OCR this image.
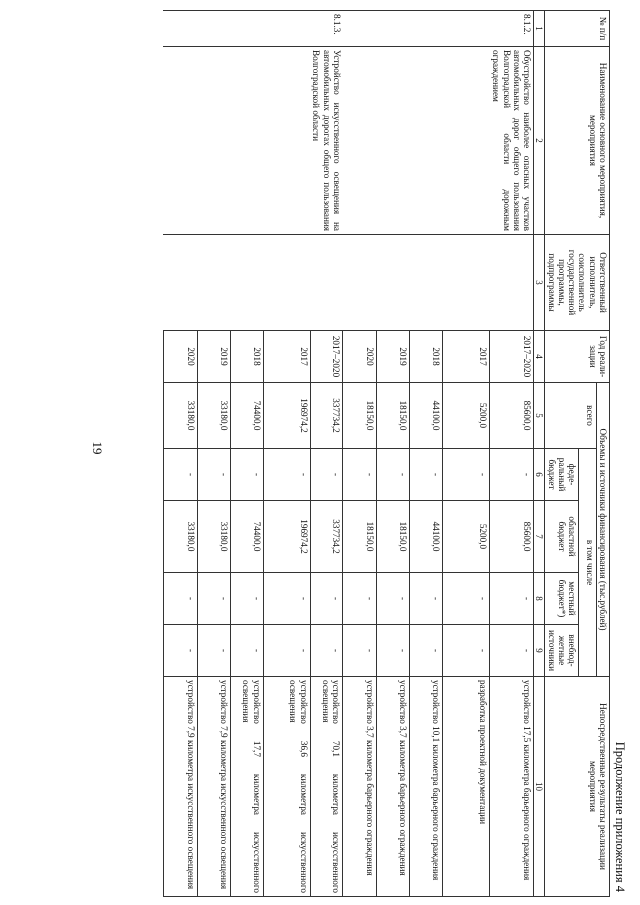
19
Продолжение приложения 4
№ п/п	Наименование основного мероприятия, мероприятия	Ответственный исполнитель, соисполнитель государственной программы, подпрограммы	Год реали- зации	Объемы и источники финансирования (тыс.рублей)					Непосредственные результаты реализации мероприятия
				всего	в том числе				
					феде- ральный бюджет	областной бюджет	местный бюджет*)	внебюд- жетные источники	
1	2	3	4	5	6	7	8	9	10
8.1.2.	Обустройство наиболее опасных участков автомобильных дорог общего пользования Волгоградской области дорожным ограждением		2017–2020	85600,0	-	85600,0	-	-	устройство 17,5 километра барьерного ограждения
			2017	5200,0	-	5200,0	-	-	разработка проектной документации
			2018	44100,0	-	44100,0	-	-	устройство 10,1 километра барьерного ограждения
			2019	18150,0	-	18150,0	-	-	устройство 3,7 километра барьерного ограждения
			2020	18150,0	-	18150,0	-	-	устройство 3,7 километра барьерного ограждения
8.1.3.	Устройство искусственного освещения на автомобильных дорогах общего пользования Волгоградской области		2017–2020	337734,2	-	337734,2	-	-	устройство 70,1 километра искусственного освещения
			2017	196974,2	-	196974,2	-	-	устройство 36,6 километра искусственного освещения
			2018	74400,0	-	74400,0	-	-	устройство 17,7 километра искусственного освещения
			2019	33180,0	-	33180,0	-	-	устройство 7,9 километра искусственного освещения
			2020	33180,0	-	33180,0	-	-	устройство 7,9 километра искусственного освещения
